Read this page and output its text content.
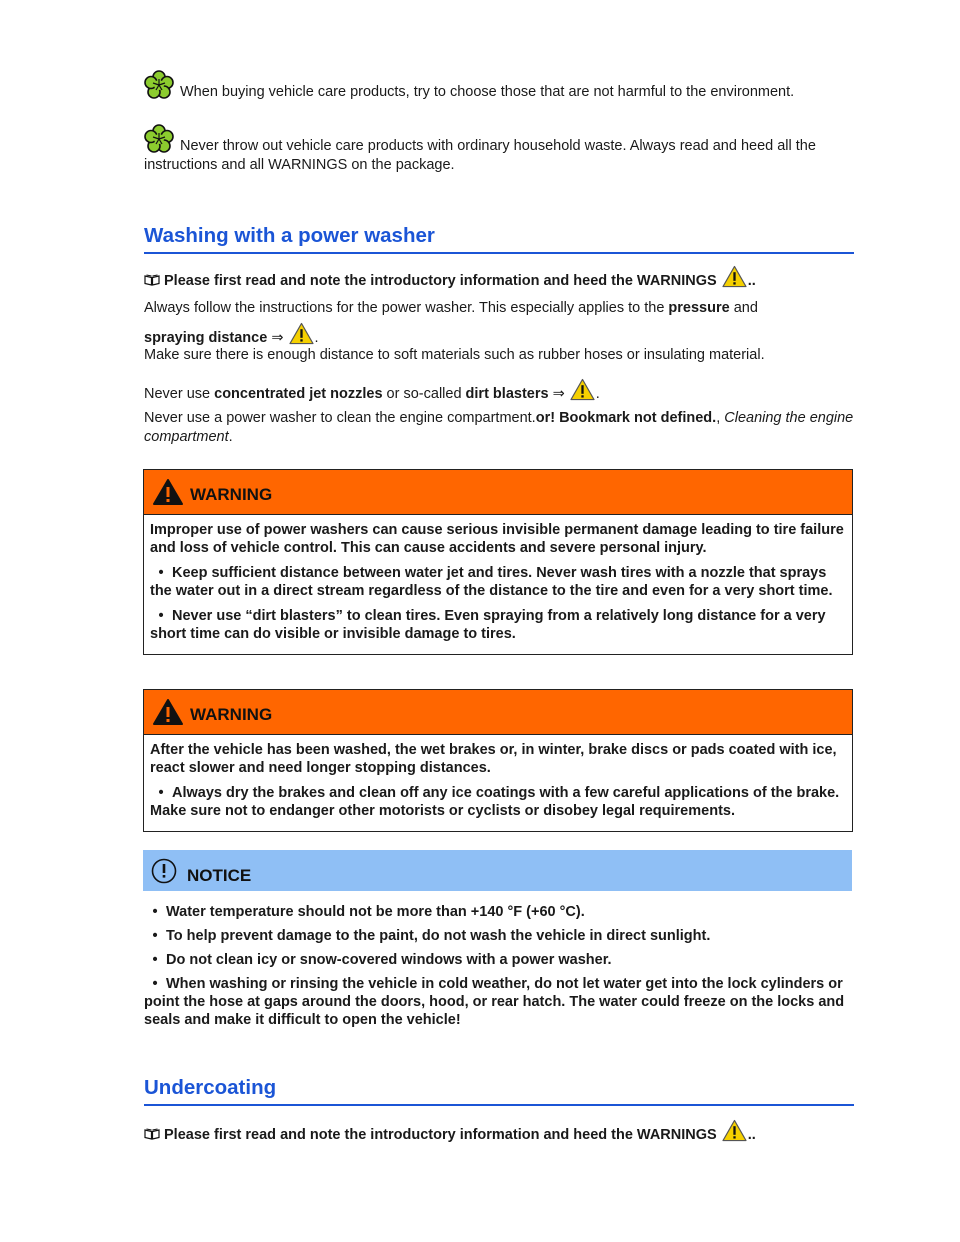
When buying vehicle care products, try to choose those that are not harmful to the environment.
Never throw out vehicle care products with ordinary household waste. Always read and heed all the instructions and all WARNINGS on the package.
Washing with a power washer
Please first read and note the introductory information and heed the WARNINGS ..
Always follow the instructions for the power washer. This especially applies to the pressure and
spraying distance ⇒ .
Make sure there is enough distance to soft materials such as rubber hoses or insulating material.
Never use concentrated jet nozzles or so-called dirt blasters ⇒ .
Never use a power washer to clean the engine compartment.or! Bookmark not defined., Cleaning the engine compartment.
WARNING

Improper use of power washers can cause serious invisible permanent damage leading to tire failure and loss of vehicle control. This can cause accidents and severe personal injury.

• Keep sufficient distance between water jet and tires. Never wash tires with a nozzle that sprays the water out in a direct stream regardless of the distance to the tire and even for a very short time.

• Never use “dirt blasters” to clean tires. Even spraying from a relatively long distance for a very short time can do visible or invisible damage to tires.

WARNING

After the vehicle has been washed, the wet brakes or, in winter, brake discs or pads coated with ice, react slower and need longer stopping distances.

• Always dry the brakes and clean off any ice coatings with a few careful applications of the brake. Make sure not to endanger other motorists or cyclists or disobey legal requirements.

NOTICE

• Water temperature should not be more than +140 °F (+60 °C).

• To help prevent damage to the paint, do not wash the vehicle in direct sunlight.

• Do not clean icy or snow-covered windows with a power washer.

• When washing or rinsing the vehicle in cold weather, do not let water get into the lock cylinders or point the hose at gaps around the doors, hood, or rear hatch. The water could freeze on the locks and seals and make it difficult to open the vehicle!

Undercoating
Please first read and note the introductory information and heed the WARNINGS ..
